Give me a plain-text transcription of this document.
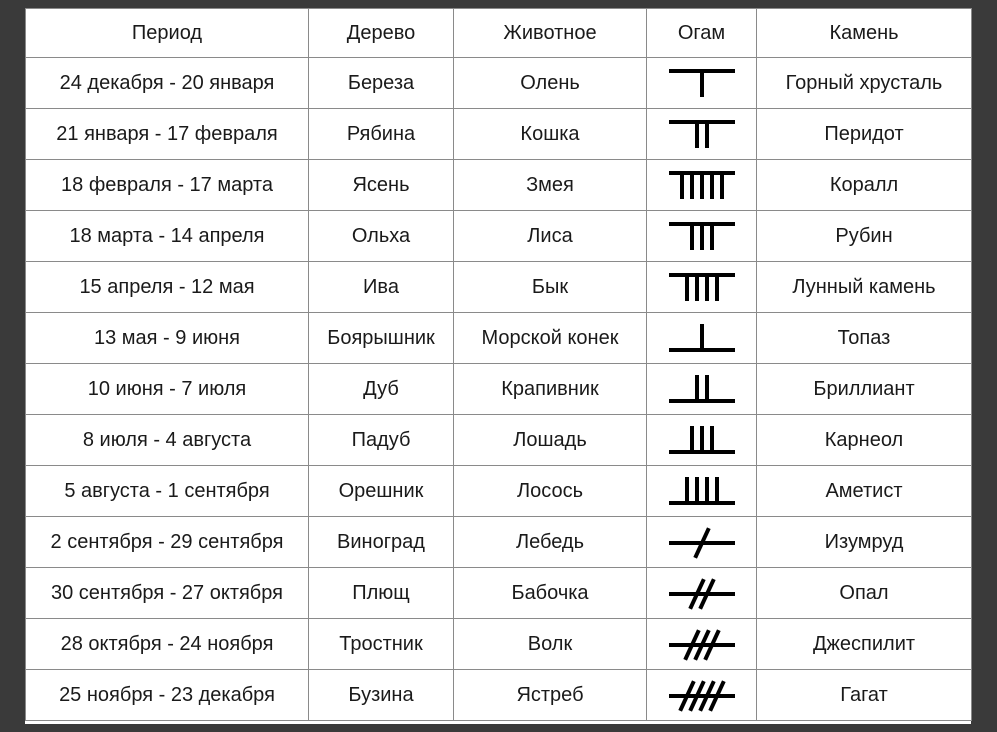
Период	Дерево	Животное	Огам	Камень
24 декабря - 20 января	Береза	Олень		Горный хрусталь
21 января - 17 февраля	Рябина	Кошка		Перидот
18 февраля - 17 марта	Ясень	Змея		Коралл
18 марта - 14 апреля	Ольха	Лиса		Рубин
15 апреля - 12 мая	Ива	Бык		Лунный камень
13 мая - 9 июня	Боярышник	Морской конек		Топаз
10 июня - 7 июля	Дуб	Крапивник		Бриллиант
8 июля - 4 августа	Падуб	Лошадь		Карнеол
5 августа - 1 сентября	Орешник	Лосось		Аметист
2 сентября - 29 сентября	Виноград	Лебедь		Изумруд
30 сентября - 27 октября	Плющ	Бабочка		Опал
28 октября - 24 ноября	Тростник	Волк		Джеспилит
25 ноября - 23 декабря	Бузина	Ястреб		Гагат
